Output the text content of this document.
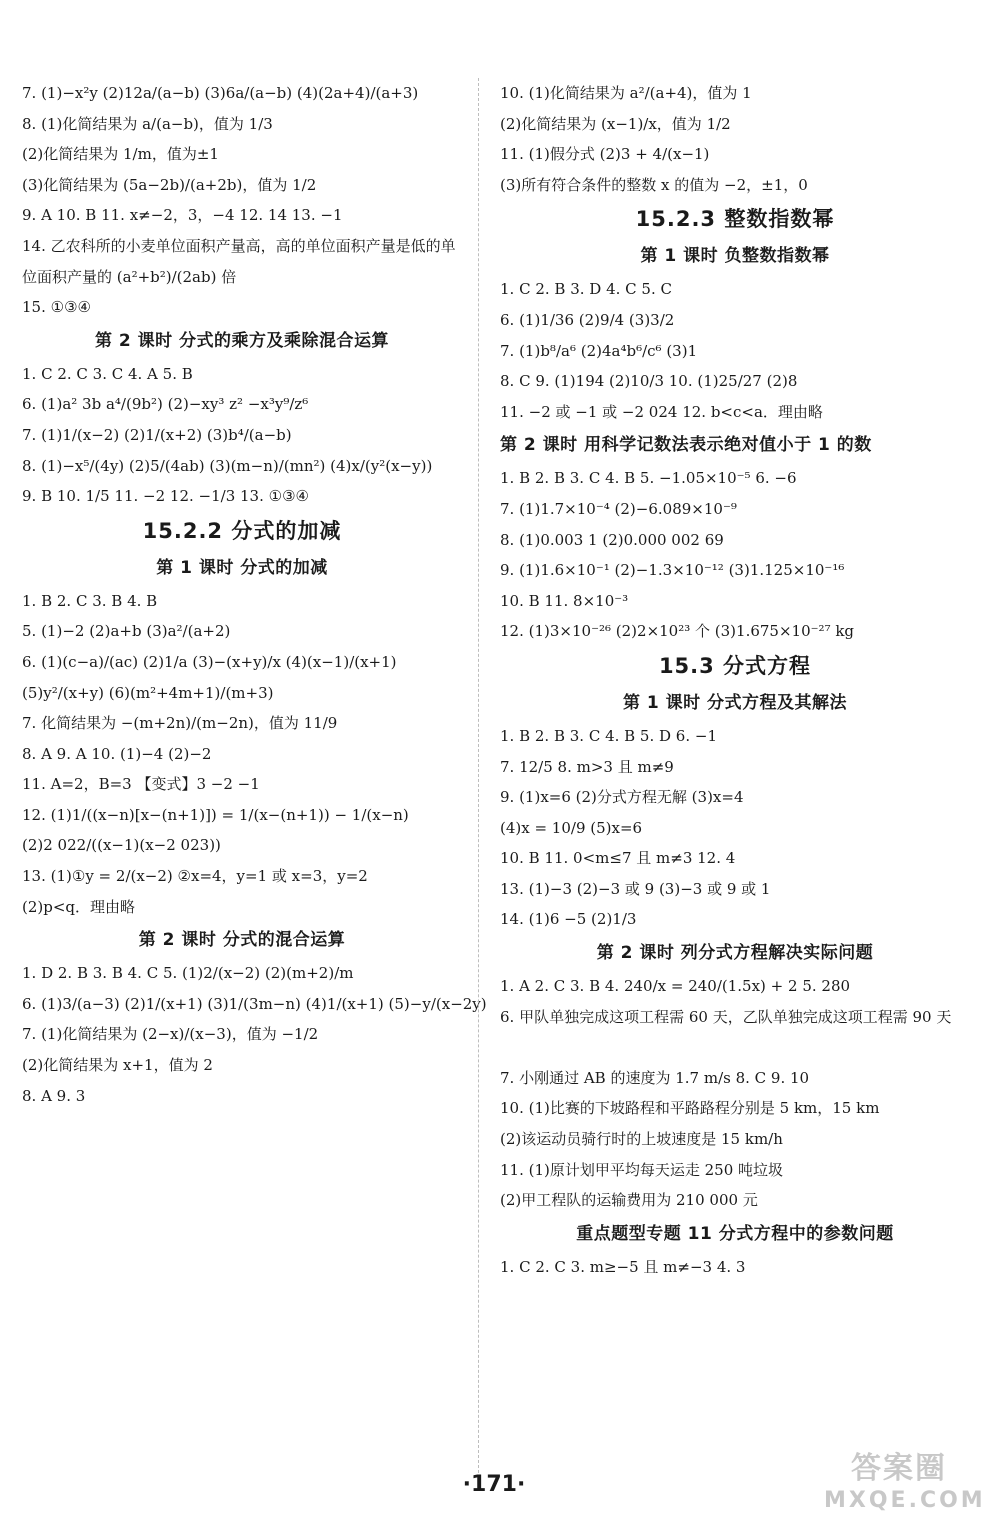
7. (1)−x²y (2)12a/(a−b) (3)6a/(a−b) (4)(2a+4)/(a+3)
8. (1)化简结果为 a/(a−b)，值为 1/3
(2)化简结果为 1/m，值为±1
(3)化简结果为 (5a−2b)/(a+2b)，值为 1/2
9. A 10. B 11. x≠−2，3，−4 12. 14 13. −1
14. 乙农科所的小麦单位面积产量高，高的单位面积产量是低的单位面积产量的 (a²+b²)/(2ab) 倍
15. ①③④
第 2 课时 分式的乘方及乘除混合运算
1. C 2. C 3. C 4. A 5. B
6. (1)a² 3b a⁴/(9b²) (2)−xy³ z² −x³y⁹/z⁶
7. (1)1/(x−2) (2)1/(x+2) (3)b⁴/(a−b)
8. (1)−x⁵/(4y) (2)5/(4ab) (3)(m−n)/(mn²) (4)x/(y²(x−y))
9. B 10. 1/5 11. −2 12. −1/3 13. ①③④
15.2.2 分式的加减
第 1 课时 分式的加减
1. B 2. C 3. B 4. B
5. (1)−2 (2)a+b (3)a²/(a+2)
6. (1)(c−a)/(ac) (2)1/a (3)−(x+y)/x (4)(x−1)/(x+1)
(5)y²/(x+y) (6)(m²+4m+1)/(m+3)
7. 化简结果为 −(m+2n)/(m−2n)，值为 11/9
8. A 9. A 10. (1)−4 (2)−2
11. A=2，B=3 【变式】3 −2 −1
12. (1)1/((x−n)[x−(n+1)]) = 1/(x−(n+1)) − 1/(x−n)
(2)2 022/((x−1)(x−2 023))
13. (1)①y = 2/(x−2) ②x=4，y=1 或 x=3，y=2
(2)p<q．理由略
第 2 课时 分式的混合运算
1. D 2. B 3. B 4. C 5. (1)2/(x−2) (2)(m+2)/m
6. (1)3/(a−3) (2)1/(x+1) (3)1/(3m−n) (4)1/(x+1) (5)−y/(x−2y)
7. (1)化简结果为 (2−x)/(x−3)，值为 −1/2
(2)化简结果为 x+1，值为 2
8. A 9. 3
10. (1)化简结果为 a²/(a+4)，值为 1
(2)化简结果为 (x−1)/x，值为 1/2
11. (1)假分式 (2)3 + 4/(x−1)
(3)所有符合条件的整数 x 的值为 −2，±1，0
15.2.3 整数指数幂
第 1 课时 负整数指数幂
1. C 2. B 3. D 4. C 5. C
6. (1)1/36 (2)9/4 (3)3/2
7. (1)b⁸/a⁶ (2)4a⁴b⁶/c⁶ (3)1
8. C 9. (1)194 (2)10/3 10. (1)25/27 (2)8
11. −2 或 −1 或 −2 024 12. b<c<a．理由略
第 2 课时 用科学记数法表示绝对值小于 1 的数
1. B 2. B 3. C 4. B 5. −1.05×10⁻⁵ 6. −6
7. (1)1.7×10⁻⁴ (2)−6.089×10⁻⁹
8. (1)0.003 1 (2)0.000 002 69
9. (1)1.6×10⁻¹ (2)−1.3×10⁻¹² (3)1.125×10⁻¹⁶
10. B 11. 8×10⁻³
12. (1)3×10⁻²⁶ (2)2×10²³ 个 (3)1.675×10⁻²⁷ kg
15.3 分式方程
第 1 课时 分式方程及其解法
1. B 2. B 3. C 4. B 5. D 6. −1
7. 12/5 8. m>3 且 m≠9
9. (1)x=6 (2)分式方程无解 (3)x=4
(4)x = 10/9 (5)x=6
10. B 11. 0<m≤7 且 m≠3 12. 4
13. (1)−3 (2)−3 或 9 (3)−3 或 9 或 1
14. (1)6 −5 (2)1/3
第 2 课时 列分式方程解决实际问题
1. A 2. C 3. B 4. 240/x = 240/(1.5x) + 2 5. 280
6. 甲队单独完成这项工程需 60 天，乙队单独完成这项工程需 90 天
7. 小刚通过 AB 的速度为 1.7 m/s 8. C 9. 10
10. (1)比赛的下坡路程和平路路程分别是 5 km，15 km
(2)该运动员骑行时的上坡速度是 15 km/h
11. (1)原计划甲平均每天运走 250 吨垃圾
(2)甲工程队的运输费用为 210 000 元
重点题型专题 11 分式方程中的参数问题
1. C 2. C 3. m≥−5 且 m≠−3 4. 3
·171·	答案圈
MXQE.COM
